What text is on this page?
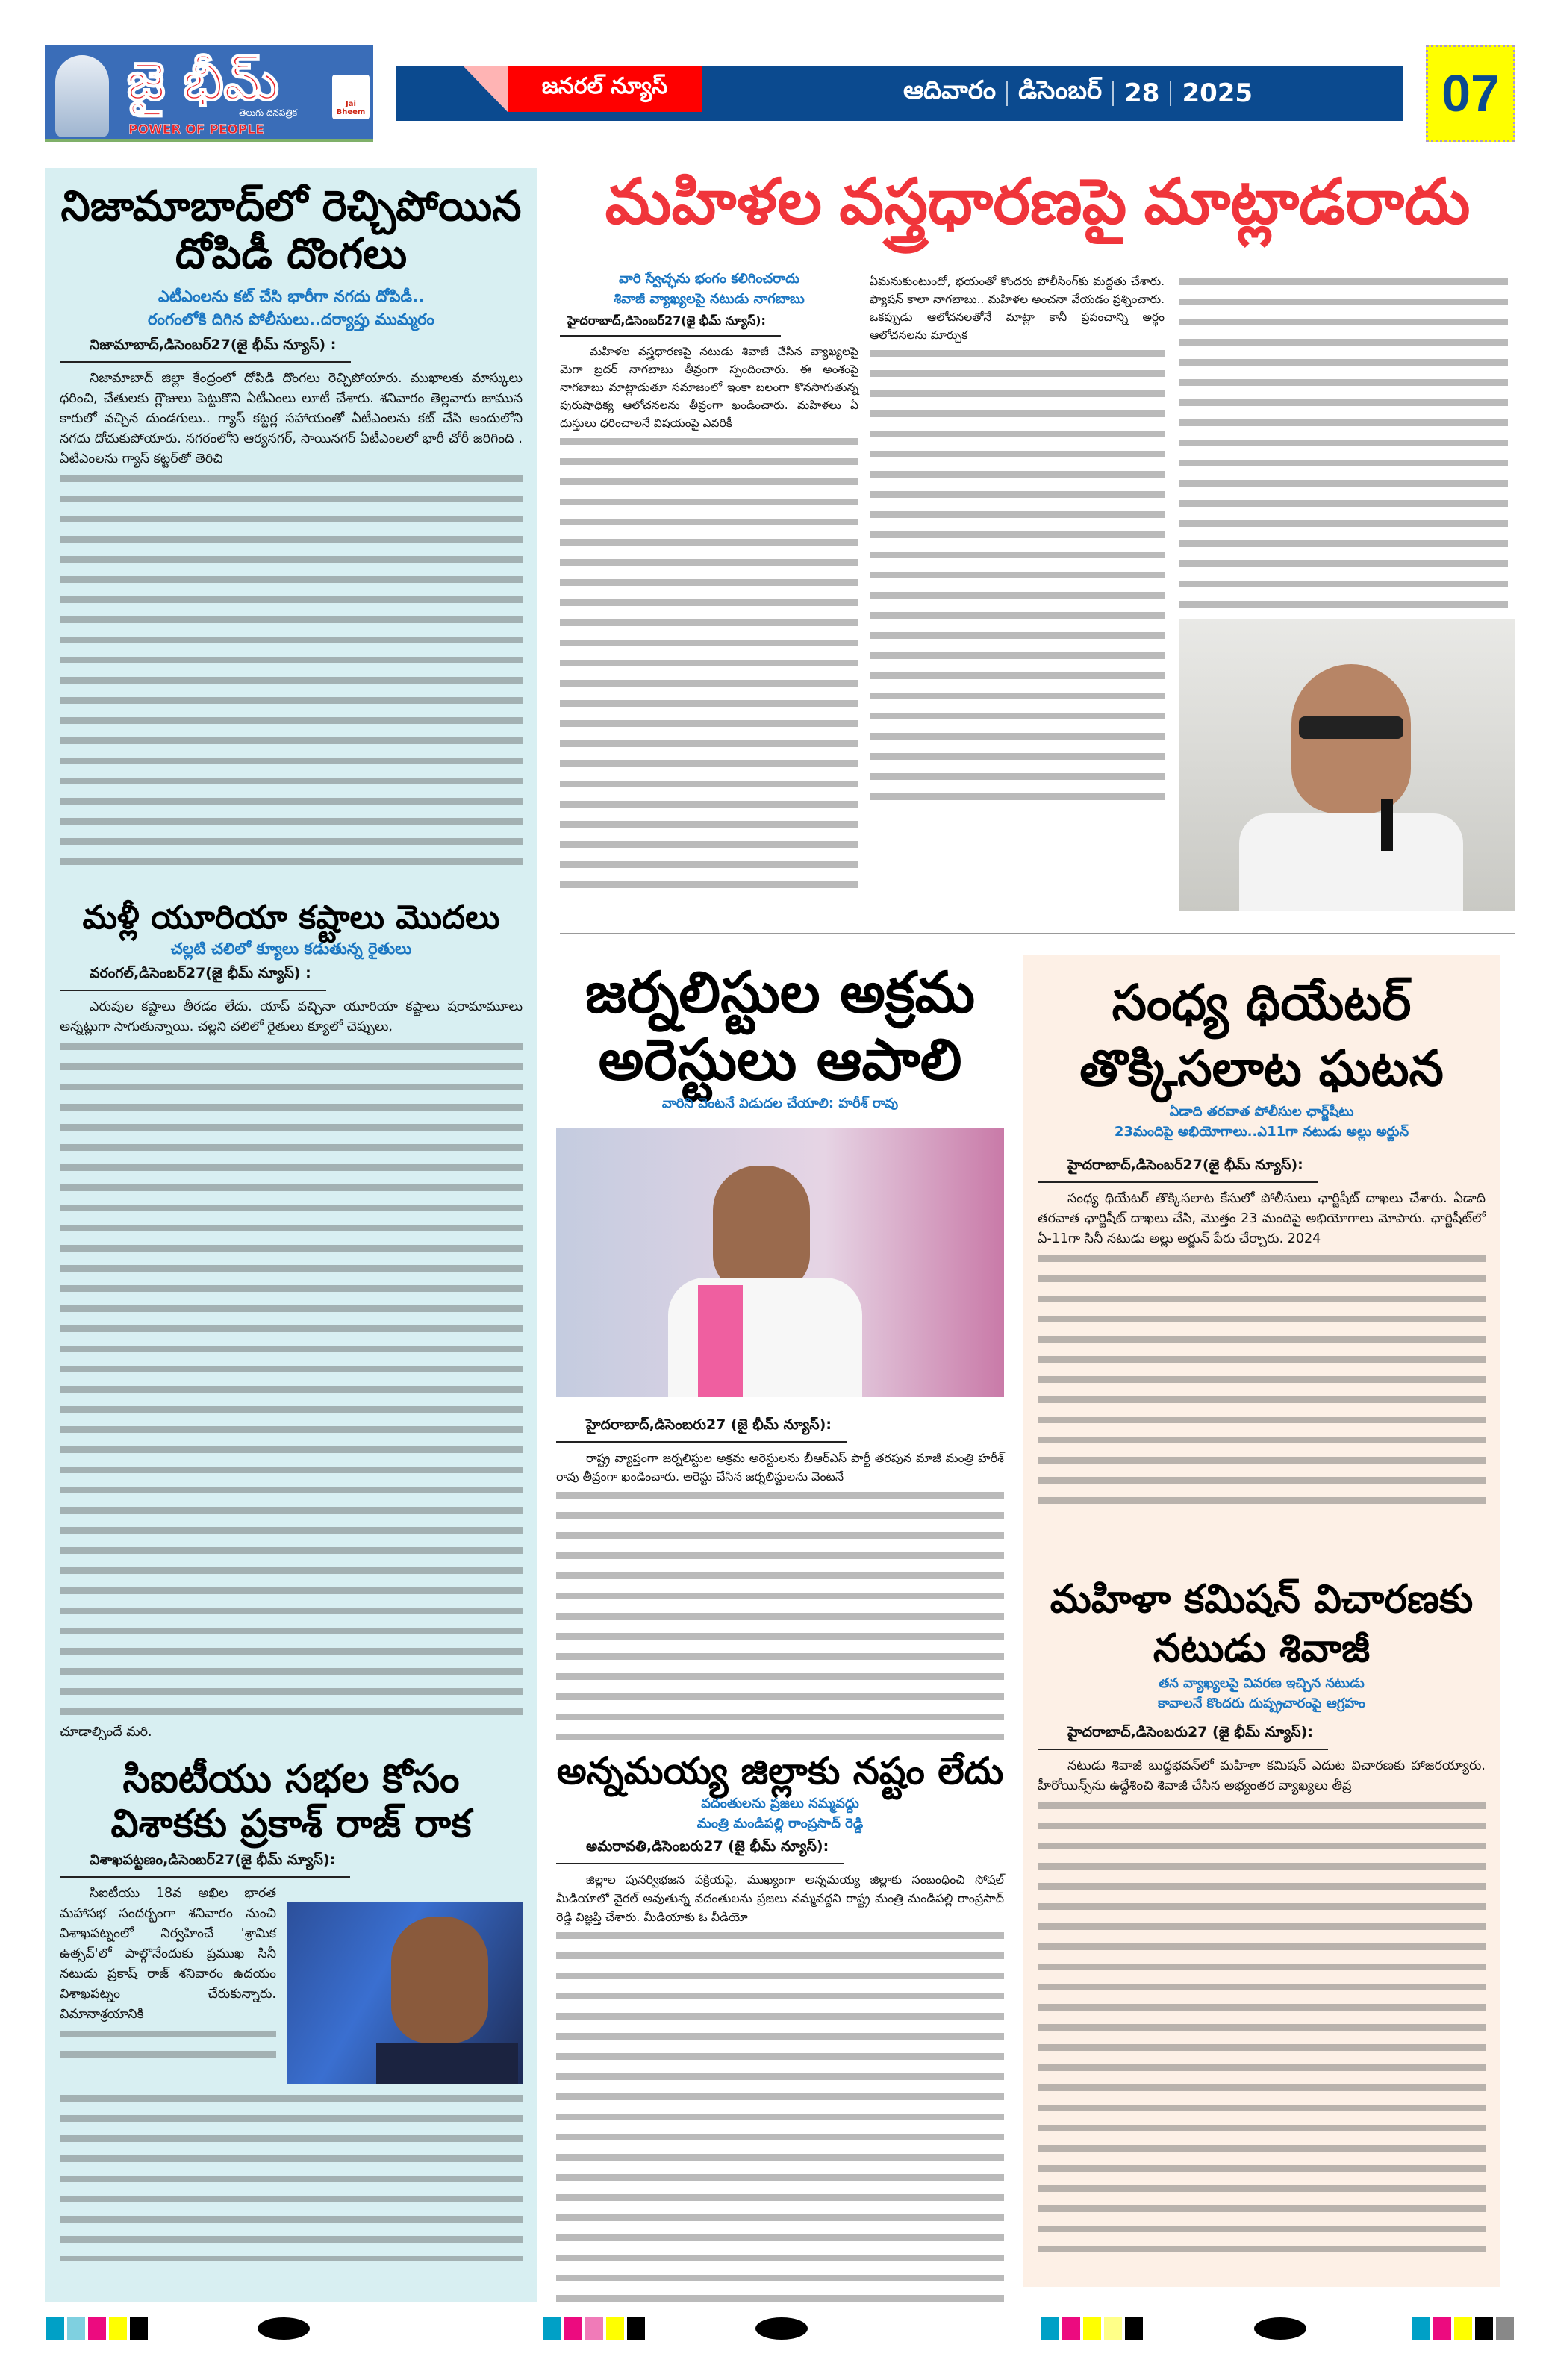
జై భీమ్
తెలుగు దినపత్రిక
POWER OF PEOPLE
Jai Bheem
జనరల్ న్యూస్	ఆదివారం డిసెంబర్ 28 2025	07
నిజామాబాద్‌లో రెచ్చిపోయిన దోపిడీ దొంగలు
ఎటీఎంలను కట్ చేసి భారీగా నగదు దోపిడీ..
రంగంలోకి దిగిన పోలీసులు..దర్యాప్తు ముమ్మరం
నిజామాబాద్,డిసెంబర్27(జై భీమ్ న్యూస్) :

నిజామాబాద్ జిల్లా కేంద్రంలో దోపిడి దొంగలు రెచ్చిపోయారు. ముఖాలకు మాస్కులు ధరించి, చేతులకు గ్లౌజులు పెట్టుకొని ఏటీఎంలు లూటీ చేశారు. శనివారం తెల్లవారు జామున కారులో వచ్చిన దుండగులు.. గ్యాస్ కట్టర్ల సహాయంతో ఏటీఎంలను కట్ చేసి అందులోని నగదు దోచుకుపోయారు. నగరంలోని ఆర్యనగర్, సాయినగర్ ఏటీఎంలలో భారీ చోరీ జరిగింది . ఏటీఎంలను గ్యాస్ కట్టర్‌తో తెరిచి

మళ్లీ యూరియా కష్టాలు మొదలు
చల్లటి చలిలో క్యూలు కడుతున్న రైతులు
వరంగల్,డిసెంబర్27(జై భీమ్ న్యూస్) :

ఎరువుల కష్టాలు తీరడం లేదు. యాప్ వచ్చినా యూరియా కష్టాలు షరామామూలు అన్నట్లుగా సాగుతున్నాయి. చల్లని చలిలో రైతులు క్యూలో చెప్పులు,

చూడాల్సిందే మరి.

సిఐటీయు సభల కోసం విశాకకు ప్రకాశ్ రాజ్ రాక
విశాఖపట్టణం,డిసెంబర్27(జై భీమ్ న్యూస్):

సిఐటీయు 18వ అఖిల భారత మహాసభ సందర్భంగా శనివారం నుంచి విశాఖపట్నంలో నిర్వహించే 'శ్రామిక ఉత్సవ్'లో పాల్గొనేందుకు ప్రముఖ సినీ నటుడు ప్రకాష్ రాజ్ శనివారం ఉదయం విశాఖపట్నం చేరుకున్నారు. విమానాశ్రయానికి

మహిళల వస్త్రధారణపై మాట్లాడరాదు
వారి స్వేచ్ఛను భంగం కలిగించరాదు
శివాజీ వ్యాఖ్యలపై నటుడు నాగబాబు
హైదరాబాద్,డిసెంబర్27(జై భీమ్ న్యూస్):

మహిళల వస్త్రధారణపై నటుడు శివాజీ చేసిన వ్యాఖ్యలపై మెగా బ్రదర్ నాగబాబు తీవ్రంగా స్పందించారు. ఈ అంశంపై నాగబాబు మాట్లాడుతూ సమాజంలో ఇంకా బలంగా కొనసాగుతున్న పురుషాధిక్య ఆలోచనలను తీవ్రంగా ఖండించారు. మహిళలు ఏ దుస్తులు ధరించాలనే విషయంపై ఎవరికీ

ఏమనుకుంటుందో, భయంతో కొందరు పోలీసింగ్‌కు మద్దతు చేశారు. ఫ్యాషన్ కాలా నాగబాబు.. మహిళల అంచనా వేయడం ప్రశ్నించారు. ఒకప్పుడు ఆలోచనలతోనే మాట్లా కానీ ప్రపంచాన్ని అర్థం ఆలోచనలను మార్చుక

జర్నలిస్టుల అక్రమ అరెస్టులు ఆపాలి
వారిని వెంటనే విడుదల చేయాలి: హరీశ్ రావు
హైదరాబాద్,డిసెంబరు27 (జై భీమ్ న్యూస్):

రాష్ట్ర వ్యాప్తంగా జర్నలిస్టుల అక్రమ అరెస్టులను బీఆర్ఎస్ పార్టీ తరపున మాజీ మంత్రి హరీశ్ రావు తీవ్రంగా ఖండించారు. అరెస్టు చేసిన జర్నలిస్టులను వెంటనే

అన్నమయ్య జిల్లాకు నష్టం లేదు
వదంతులను ప్రజలు నమ్మవద్దు
మంత్రి మండిపల్లి రాంప్రసాద్ రెడ్డి
అమరావతి,డిసెంబరు27 (జై భీమ్ న్యూస్):

జిల్లాల పునర్విభజన పక్రియపై, ముఖ్యంగా అన్నమయ్య జిల్లాకు సంబంధించి సోషల్ మీడియాలో వైరల్ అవుతున్న వదంతులను ప్రజలు నమ్మవద్దని రాష్ట్ర మంత్రి మండిపల్లి రాంప్రసాద్ రెడ్డి విజ్ఞప్తి చేశారు. మీడియాకు ఓ వీడియో

సంధ్య థియేటర్ తొక్కిసలాట ఘటన
ఏడాది తరవాత పోలీసుల ఛార్జ్‌షీటు
23మందిపై అభియోగాలు..ఎ11గా నటుడు అల్లు అర్జున్
హైదరాబాద్,డిసెంబర్27(జై భీమ్ న్యూస్):

సంధ్య థియేటర్ తొక్కిసలాట కేసులో పోలీసులు ఛార్జిషీట్ దాఖలు చేశారు. ఏడాది తరవాత ఛార్జిషీట్ దాఖలు చేసి, మొత్తం 23 మందిపై అభియోగాలు మోపారు. ఛార్జిషీట్‌లో ఏ-11గా సినీ నటుడు అల్లు అర్జున్ పేరు చేర్చారు. 2024

మహిళా కమిషన్ విచారణకు నటుడు శివాజీ
తన వ్యాఖ్యలపై వివరణ ఇచ్చిన నటుడు
కావాలనే కొందరు దుష్ప్రచారంపై ఆగ్రహం
హైదరాబాద్,డిసెంబరు27 (జై భీమ్ న్యూస్):

నటుడు శివాజీ బుద్ధభవన్‌లో మహిళా కమిషన్ ఎదుట విచారణకు హాజరయ్యారు. హీరోయిన్స్‌ను ఉద్దేశించి శివాజీ చేసిన అభ్యంతర వ్యాఖ్యలు తీవ్ర
